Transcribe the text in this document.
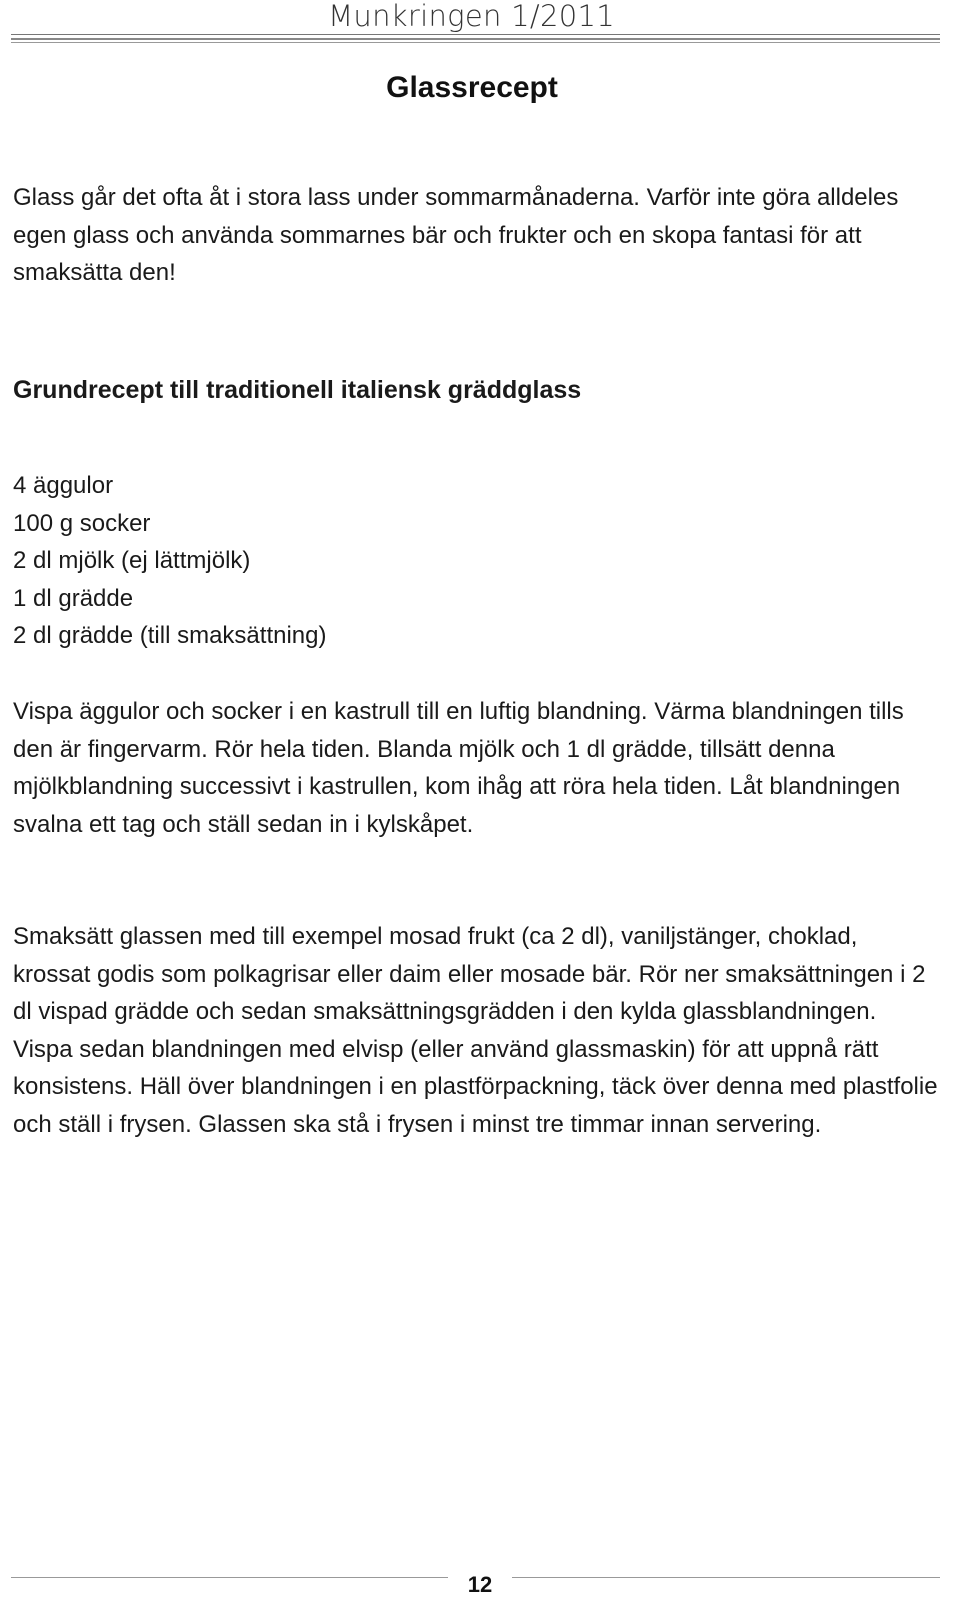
Munkringen 1/2011
Glassrecept

Glass går det ofta åt i stora lass under sommarmånaderna. Varför inte göra alldeles egen glass och använda sommarnes bär och frukter och en skopa fantasi för att smaksätta den!

Grundrecept till traditionell italiensk gräddglass
4 äggulor
100 g socker
2 dl mjölk (ej lättmjölk)
1 dl grädde
2 dl grädde (till smaksättning)

Vispa äggulor och socker i en kastrull till en luftig blandning. Värma blandningen tills den är fingervarm. Rör hela tiden. Blanda mjölk och 1 dl grädde, tillsätt denna mjölkblandning successivt i kastrullen, kom ihåg att röra hela tiden. Låt blandningen svalna ett tag och ställ sedan in i kylskåpet.

Smaksätt glassen med till exempel mosad frukt (ca 2 dl), vaniljstänger, choklad, krossat godis som polkagrisar eller daim eller mosade bär. Rör ner smaksättningen i 2 dl vispad grädde och sedan smaksättningsgrädden i den kylda glassblandningen. Vispa sedan blandningen med elvisp (eller använd glassmaskin) för att uppnå rätt konsistens. Häll över blandningen i en plastförpackning, täck över denna med plastfolie och ställ i frysen. Glassen ska stå i frysen i minst tre timmar innan servering.

12
